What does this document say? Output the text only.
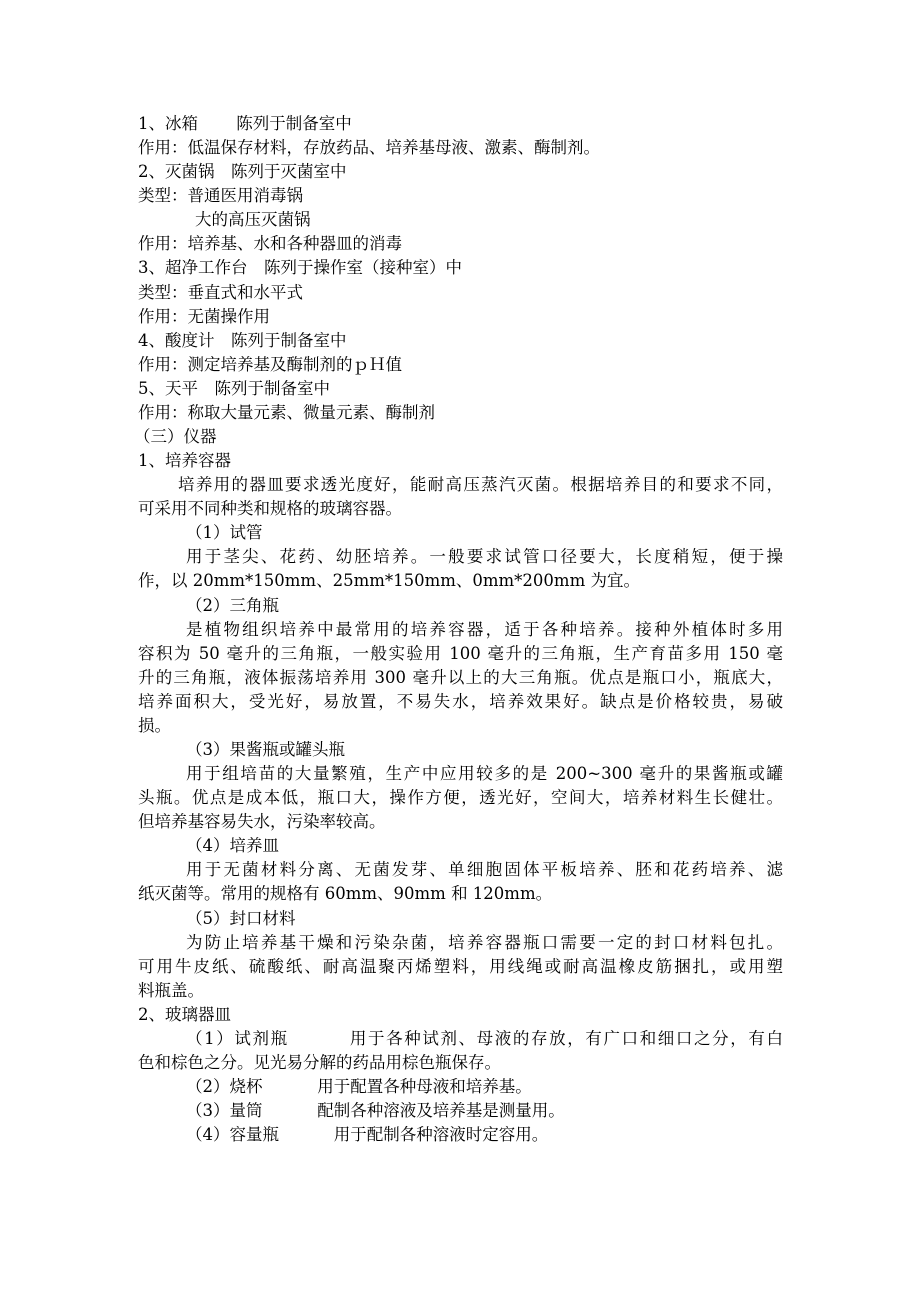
1、冰箱　　 陈列于制备室中
作用：低温保存材料，存放药品、培养基母液、激素、酶制剂。
2、灭菌锅　陈列于灭菌室中
类型：普通医用消毒锅
大的高压灭菌锅
作用：培养基、水和各种器皿的消毒
3、超净工作台　陈列于操作室（接种室）中
类型：垂直式和水平式
作用：无菌操作用
4、酸度计　陈列于制备室中
作用：测定培养基及酶制剂的ｐＨ值
5、天平　陈列于制备室中
作用：称取大量元素、微量元素、酶制剂
（三）仪器
1、培养容器
培养用的器皿要求透光度好，能耐高压蒸汽灭菌。根据培养目的和要求不同，
可采用不同种类和规格的玻璃容器。
（1）试管
用于茎尖、花药、幼胚培养。一般要求试管口径要大，长度稍短，便于操
作，以 20mm*150mm、25mm*150mm、0mm*200mm 为宜。
（2）三角瓶
是植物组织培养中最常用的培养容器，适于各种培养。接种外植体时多用
容积为 50 毫升的三角瓶，一般实验用 100 毫升的三角瓶，生产育苗多用 150 毫
升的三角瓶，液体振荡培养用 300 毫升以上的大三角瓶。优点是瓶口小，瓶底大，
培养面积大，受光好，易放置，不易失水，培养效果好。缺点是价格较贵，易破
损。
（3）果酱瓶或罐头瓶
用于组培苗的大量繁殖，生产中应用较多的是 200~300 毫升的果酱瓶或罐
头瓶。优点是成本低，瓶口大，操作方便，透光好，空间大，培养材料生长健壮。
但培养基容易失水，污染率较高。
（4）培养皿
用于无菌材料分离、无菌发芽、单细胞固体平板培养、胚和花药培养、滤
纸灭菌等。常用的规格有 60mm、90mm 和 120mm。
（5）封口材料
为防止培养基干燥和污染杂菌，培养容器瓶口需要一定的封口材料包扎。
可用牛皮纸、硫酸纸、耐高温聚丙烯塑料，用线绳或耐高温橡皮筋捆扎，或用塑
料瓶盖。
2、玻璃器皿
（1）试剂瓶　　　 用于各种试剂、母液的存放，有广口和细口之分，有白
色和棕色之分。见光易分解的药品用棕色瓶保存。
（2）烧杯　　　 用于配置各种母液和培养基。
（3）量筒　　　 配制各种溶液及培养基是测量用。
（4）容量瓶　　　 用于配制各种溶液时定容用。
